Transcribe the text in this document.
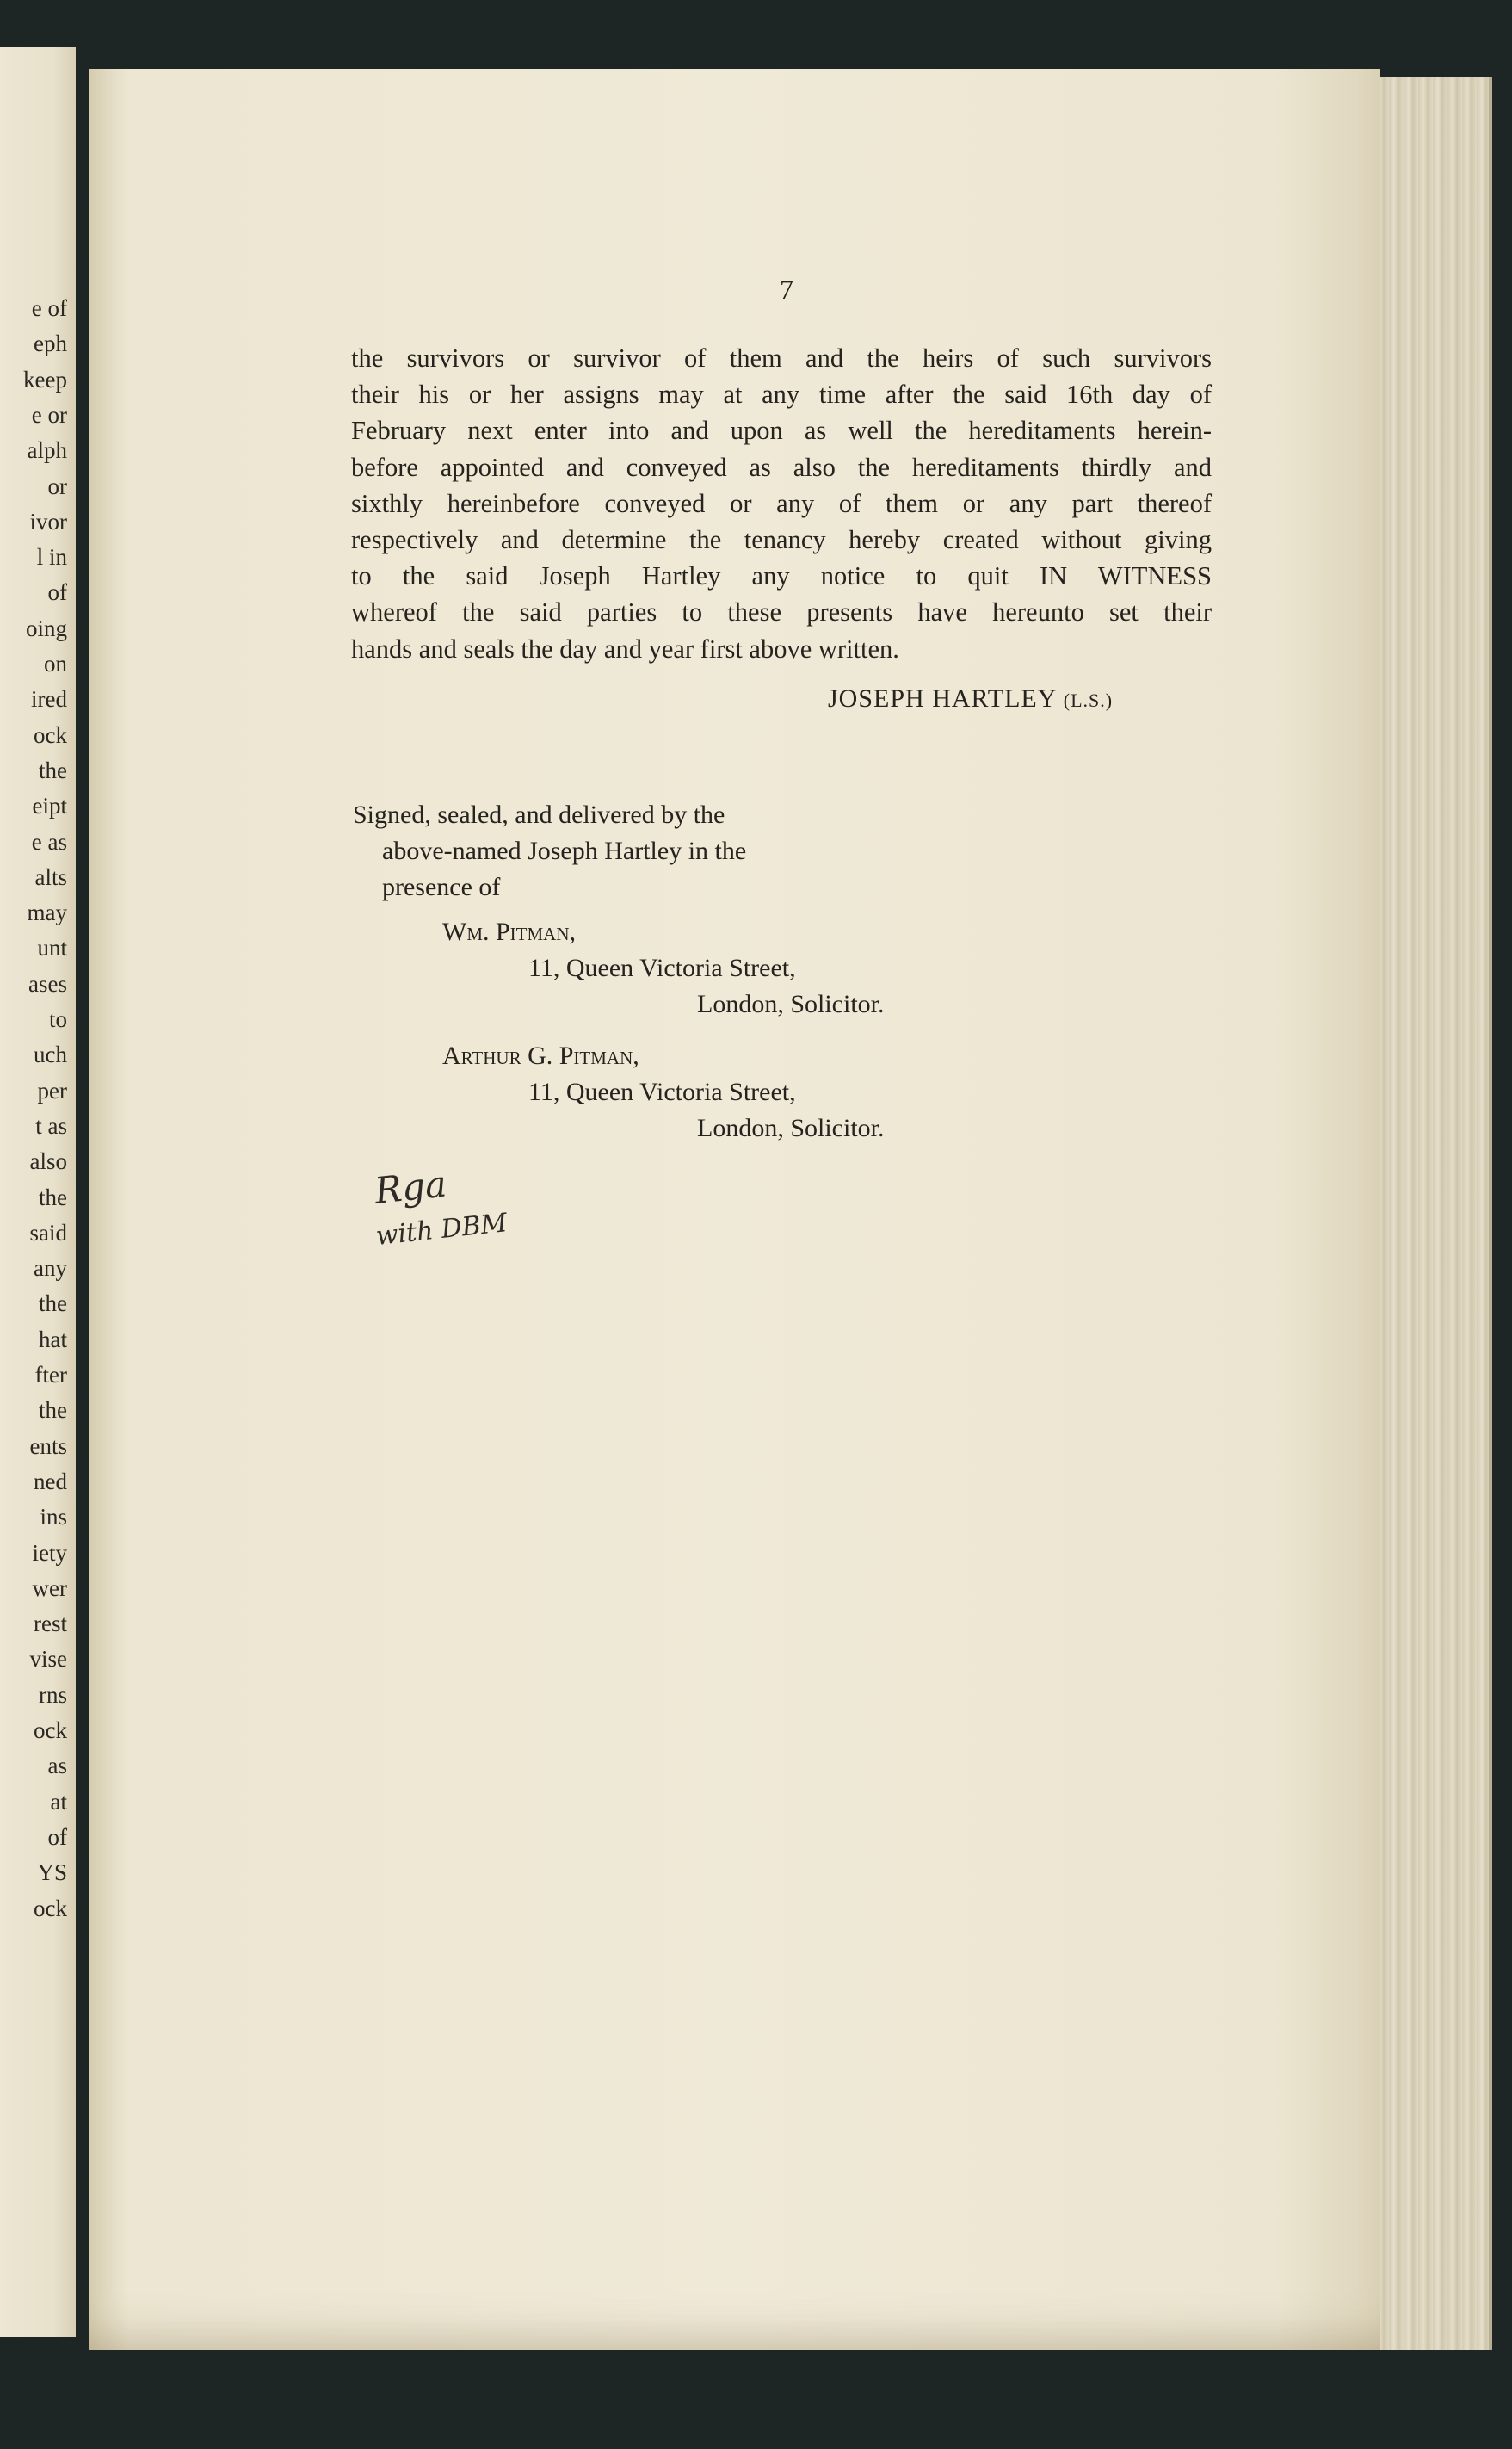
e of
eph
keep
e or
alph
or
ivor
l in
of
oing
on
ired
ock
the
eipt
e as
alts
may
unt
ases
to
uch
per
t as
also
the
said
any
the
hat
fter
the
ents
ned
ins
iety
wer
rest
vise
rns
ock
as
at
of
YS
ock
7
the survivors or survivor of them and the heirs of such survivors
their his or her assigns may at any time after the said 16th day of
February next enter into and upon as well the hereditaments herein-
before appointed and conveyed as also the hereditaments thirdly and
sixthly hereinbefore conveyed or any of them or any part thereof
respectively and determine the tenancy hereby created without giving
to the said Joseph Hartley any notice to quit IN WITNESS
whereof the said parties to these presents have hereunto set their
hands and seals the day and year first above written.
JOSEPH HARTLEY (L.S.)
Signed, sealed, and delivered by the
above-named Joseph Hartley in the
presence of
Wm. Pitman,
11, Queen Victoria Street,
London, Solicitor.
Arthur G. Pitman,
11, Queen Victoria Street,
London, Solicitor.
Rga
with DBM
